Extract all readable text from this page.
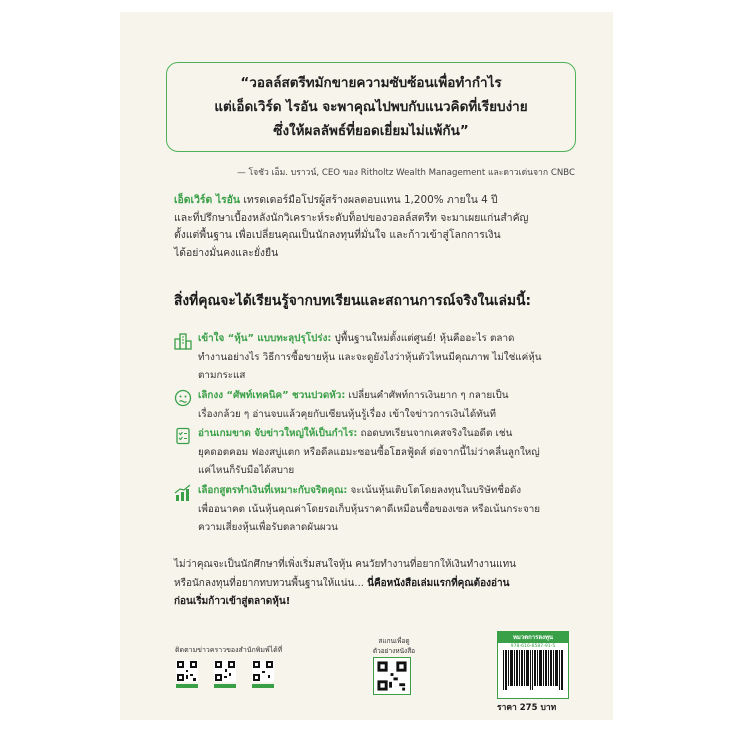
“วอลล์สตรีทมักขายความซับซ้อนเพื่อทำกำไร
แต่เอ็ดเวิร์ด ไรอัน จะพาคุณไปพบกับแนวคิดที่เรียบง่าย
ซึ่งให้ผลลัพธ์ที่ยอดเยี่ยมไม่แพ้กัน”
— โจชัว เอ็ม. บราวน์, CEO ของ Ritholtz Wealth Management และดาวเด่นจาก CNBC
เอ็ดเวิร์ด ไรอัน เทรดเดอร์มือโปรผู้สร้างผลตอบแทน 1,200% ภายใน 4 ปี
และที่ปรึกษาเบื้องหลังนักวิเคราะห์ระดับท็อปของวอลล์สตรีท จะมาเผยแก่นสำคัญ
ตั้งแต่พื้นฐาน เพื่อเปลี่ยนคุณเป็นนักลงทุนที่มั่นใจ และก้าวเข้าสู่โลกการเงิน
ได้อย่างมั่นคงและยั่งยืน
สิ่งที่คุณจะได้เรียนรู้จากบทเรียนและสถานการณ์จริงในเล่มนี้:
เข้าใจ “หุ้น” แบบทะลุปรุโปร่ง: ปูพื้นฐานใหม่ตั้งแต่ศูนย์! หุ้นคืออะไร ตลาด
ทำงานอย่างไร วิธีการซื้อขายหุ้น และจะดูยังไงว่าหุ้นตัวไหนมีคุณภาพ ไม่ใช่แค่หุ้น
ตามกระแส
เลิกงง “ศัพท์เทคนิค” ชวนปวดหัว: เปลี่ยนคำศัพท์การเงินยาก ๆ กลายเป็น
เรื่องกล้วย ๆ อ่านจบแล้วคุยกับเซียนหุ้นรู้เรื่อง เข้าใจข่าวการเงินได้ทันที
อ่านเกมขาด จับข่าวใหญ่ให้เป็นกำไร: ถอดบทเรียนจากเคสจริงในอดีต เช่น
ยุคดอตคอม ฟองสบู่แตก หรือดีลแอมะซอนซื้อโฮลฟู้ดส์ ต่อจากนี้ไม่ว่าคลื่นลูกใหญ่
แค่ไหนก็รับมือได้สบาย
เลือกสูตรทำเงินที่เหมาะกับจริตคุณ: จะเน้นหุ้นเติบโตโดยลงทุนในบริษัทชื่อดัง
เพื่ออนาคต เน้นหุ้นคุณค่าโดยรอเก็บหุ้นราคาดีเหมือนซื้อของเซล หรือเน้นกระจาย
ความเสี่ยงหุ้นเพื่อรับตลาดผันผวน
ไม่ว่าคุณจะเป็นนักศึกษาที่เพิ่งเริ่มสนใจหุ้น คนวัยทำงานที่อยากให้เงินทำงานแทน
หรือนักลงทุนที่อยากทบทวนพื้นฐานให้แน่น... นี่คือหนังสือเล่มแรกที่คุณต้องอ่าน
ก่อนเริ่มก้าวเข้าสู่ตลาดหุ้น!
ติดตามข่าวคราวของสำนักพิมพ์ได้ที่
สแกนเพื่อดู
ตัวอย่างหนังสือ
หมวดการลงทุน
978-616-8587-91-5
ราคา 275 บาท
